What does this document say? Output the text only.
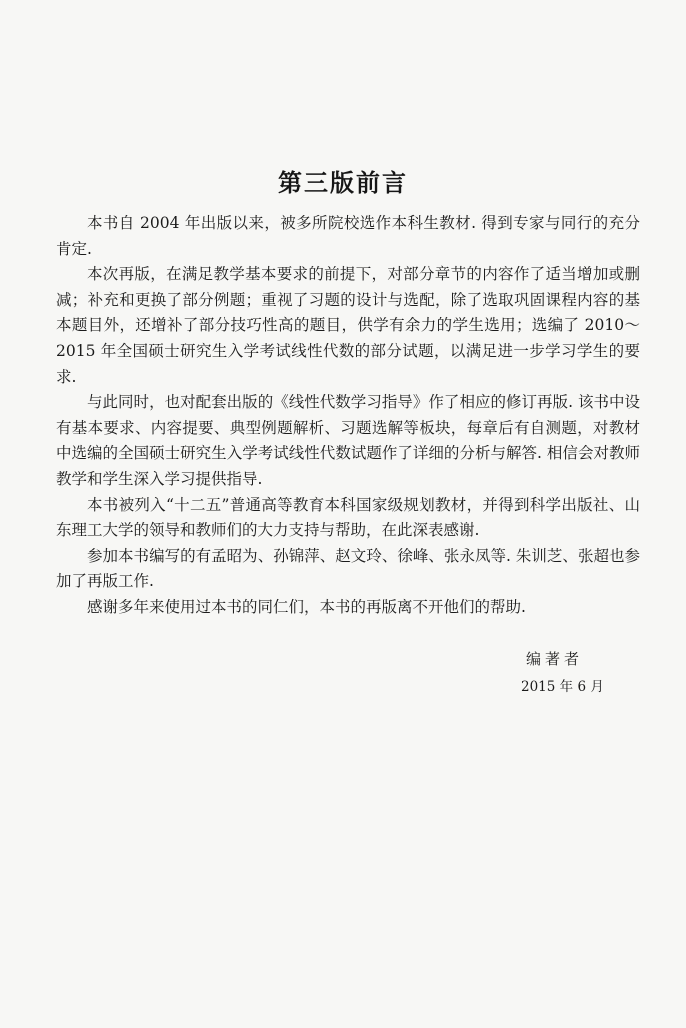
第三版前言

本书自 2004 年出版以来，被多所院校选作本科生教材. 得到专家与同行的充分肯定.

本次再版，在满足教学基本要求的前提下，对部分章节的内容作了适当增加或删减；补充和更换了部分例题；重视了习题的设计与选配，除了选取巩固课程内容的基本题目外，还增补了部分技巧性高的题目，供学有余力的学生选用；选编了 2010～2015 年全国硕士研究生入学考试线性代数的部分试题，以满足进一步学习学生的要求.

与此同时，也对配套出版的《线性代数学习指导》作了相应的修订再版. 该书中设有基本要求、内容提要、典型例题解析、习题选解等板块，每章后有自测题，对教材中选编的全国硕士研究生入学考试线性代数试题作了详细的分析与解答. 相信会对教师教学和学生深入学习提供指导.

本书被列入“十二五”普通高等教育本科国家级规划教材，并得到科学出版社、山东理工大学的领导和教师们的大力支持与帮助，在此深表感谢.

参加本书编写的有孟昭为、孙锦萍、赵文玲、徐峰、张永凤等. 朱训芝、张超也参加了再版工作.

感谢多年来使用过本书的同仁们，本书的再版离不开他们的帮助.

编著者
2015 年 6 月
